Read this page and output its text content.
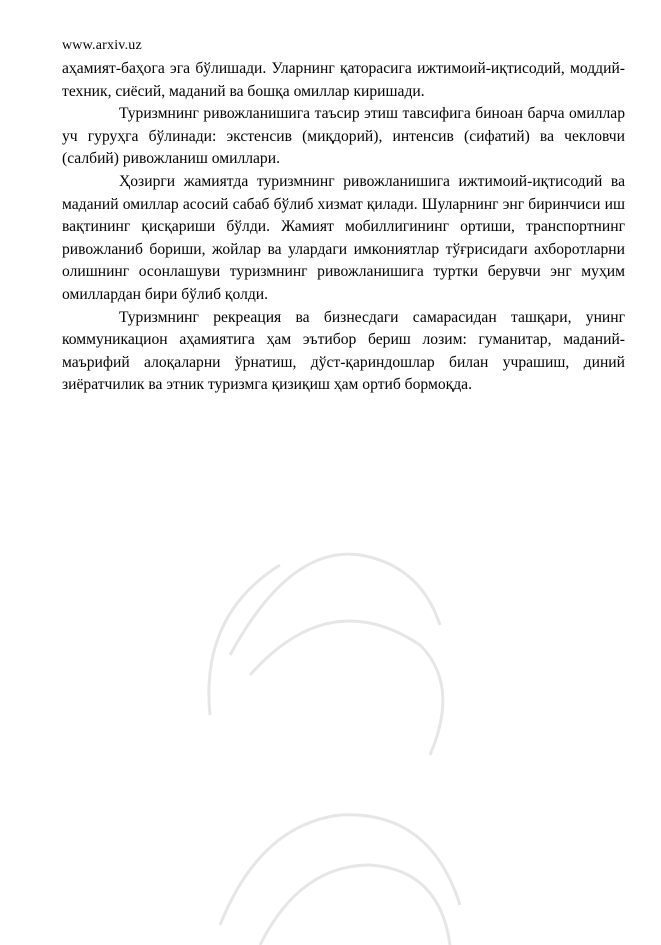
www.arxiv.uz

аҳамият-баҳога эга бўлишади. Уларнинг қаторасига ижтимоий-иқтисодий, моддий-техник, сиёсий, маданий ва бошқа омиллар киришади.

Туризмнинг ривожланишига таъсир этиш тавсифига биноан барча омиллар уч гуруҳга бўлинади: экстенсив (миқдорий), интенсив (сифатий) ва чекловчи (салбий) ривожланиш омиллари.

Ҳозирги жамиятда туризмнинг ривожланишига ижтимоий-иқтисодий ва маданий омиллар асосий сабаб бўлиб хизмат қилади. Шуларнинг энг биринчиси иш вақтининг қисқариши бўлди. Жамият мобиллигининг ортиши, транспортнинг ривожланиб бориши, жойлар ва улардаги имкониятлар тўғрисидаги ахборотларни олишнинг осонлашуви туризмнинг ривожланишига туртки берувчи энг муҳим омиллардан бири бўлиб қолди.

Туризмнинг рекреация ва бизнесдаги самарасидан ташқари, унинг коммуникацион аҳамиятига ҳам эътибор бериш лозим: гуманитар, маданий-маърифий алоқаларни ўрнатиш, дўст-қариндошлар билан учрашиш, диний зиёратчилик ва этник туризмга қизиқиш ҳам ортиб бормоқда.
